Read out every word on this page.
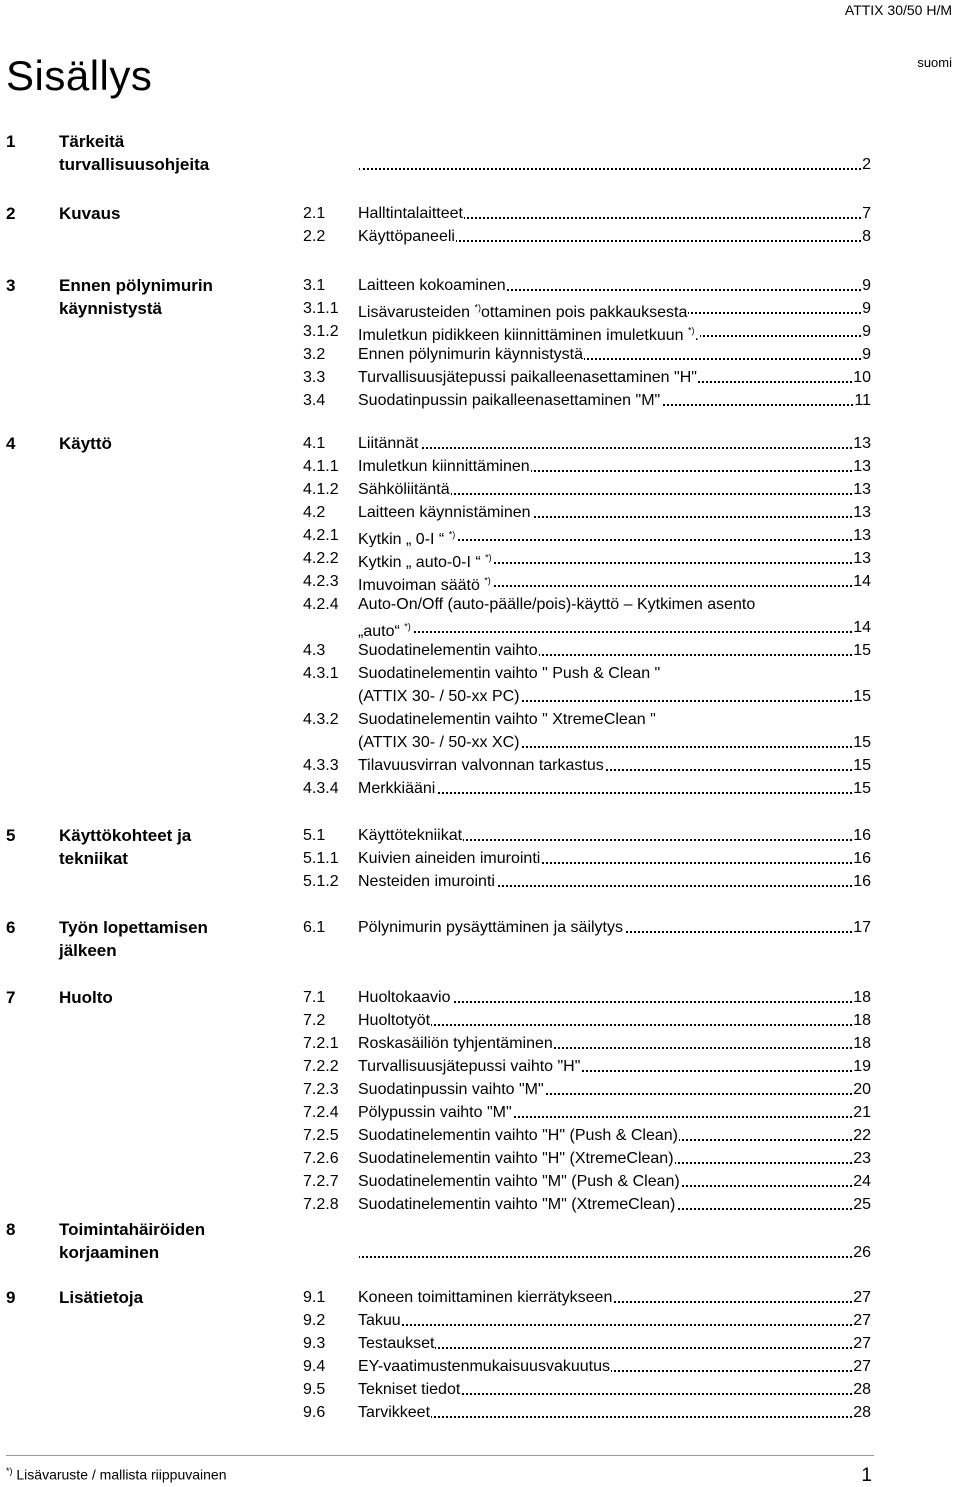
ATTIX 30/50 H/M
Sisällys	suomi
1	Tärkeitä
turvallisuusohjeita	2
2	Kuvaus	2.1	Halltintalaitteet	7
2.2	Käyttöpaneeli	8
3	Ennen pölynimurin
käynnistystä
3.1	Laitteen kokoaminen	9
3.1.1	Lisävarusteiden *)ottaminen pois pakkauksesta	9
3.1.2	Imuletkun pidikkeen kiinnittäminen imuletkuun *).	9
3.2	Ennen pölynimurin käynnistystä	9
3.3	Turvallisuusjätepussi paikalleenasettaminen "H"	10
3.4	Suodatinpussin paikalleenasettaminen "M"	11
4	Käyttö	4.1	Liitännät	13
4.1.1	Imuletkun kiinnittäminen	13
4.1.2	Sähköliitäntä	13
4.2	Laitteen käynnistäminen	13
4.2.1	Kytkin „ 0-I “ *)	13
4.2.2	Kytkin „ auto-0-I “ *)	13
4.2.3	Imuvoiman säätö *)	14
4.2.4	Auto-On/Off (auto-päälle/pois)-käyttö – Kytkimen asento
„auto“ *)	14
4.3	Suodatinelementin vaihto	15
4.3.1	Suodatinelementin vaihto " Push & Clean "
(ATTIX 30- / 50-xx PC)	15
4.3.2	Suodatinelementin vaihto " XtremeClean "
(ATTIX 30- / 50-xx XC)	15
4.3.3	Tilavuusvirran valvonnan tarkastus	15
4.3.4	Merkkiääni	15
5	Käyttökohteet ja
tekniikat
5.1	Käyttötekniikat	16
5.1.1	Kuivien aineiden imurointi	16
5.1.2	Nesteiden imurointi	16
6	Työn lopettamisen
jälkeen
6.1	Pölynimurin pysäyttäminen ja säilytys	17
7	Huolto	7.1	Huoltokaavio	18
7.2	Huoltotyöt	18
7.2.1	Roskasäiliön tyhjentäminen	18
7.2.2	Turvallisuusjätepussi vaihto "H"	19
7.2.3	Suodatinpussin vaihto "M"	20
7.2.4	Pölypussin vaihto "M"	21
7.2.5	Suodatinelementin vaihto "H" (Push & Clean)	22
7.2.6	Suodatinelementin vaihto "H" (XtremeClean)	23
7.2.7	Suodatinelementin vaihto "M" (Push & Clean)	24
7.2.8	Suodatinelementin vaihto "M" (XtremeClean)	25
8	Toimintahäiröiden
korjaaminen	26
9	Lisätietoja	9.1	Koneen toimittaminen kierrätykseen	27
9.2	Takuu	27
9.3	Testaukset	27
9.4	EY-vaatimustenmukaisuusvakuutus	27
9.5	Tekniset tiedot	28
9.6	Tarvikkeet	28
*) Lisävaruste / mallista riippuvainen	1
